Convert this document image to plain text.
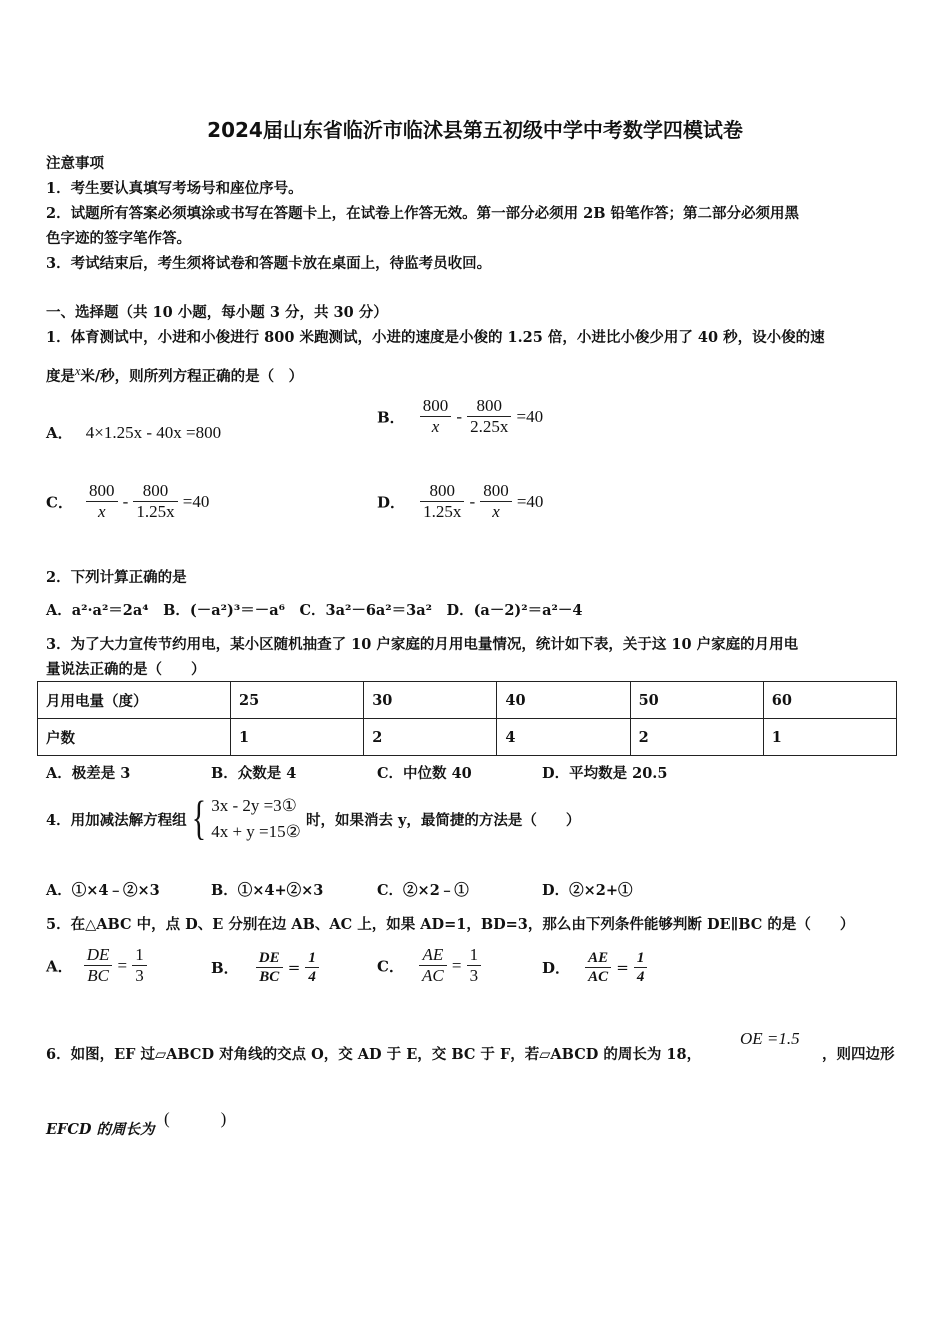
2024届山东省临沂市临沭县第五初级中学中考数学四模试卷
注意事项
1．考生要认真填写考场号和座位序号。
2．试题所有答案必须填涂或书写在答题卡上，在试卷上作答无效。第一部分必须用 2B 铅笔作答；第二部分必须用黑
色字迹的签字笔作答。
3．考试结束后，考生须将试卷和答题卡放在桌面上，待监考员收回。
一、选择题（共 10 小题，每小题 3 分，共 30 分）
1．体育测试中，小进和小俊进行 800 米跑测试，小进的速度是小俊的 1.25 倍，小进比小俊少用了 40 秒，设小俊的速
度是$^x$米/秒，则所列方程正确的是（　）
A． 4×1.25x - 40x =800
B． $\frac{800}{x} - \frac{800}{2.25x} =40$
C． $\frac{800}{x} - \frac{800}{1.25x} =40$	D． $\frac{800}{1.25x} - \frac{800}{x} =40$
2．下列计算正确的是
A．a²·a²＝2a⁴　B．(－a²)³＝－a⁶　C．3a²－6a²＝3a²　D．(a－2)²＝a²－4
3．为了大力宣传节约用电，某小区随机抽查了 10 户家庭的月用电量情况，统计如下表，关于这 10 户家庭的月用电
量说法正确的是（　　）
月用电量（度）	25	30	40	50	60
户数	1	2	4	2	1
A．极差是 3	B．众数是 4	C．中位数 40	D．平均数是 20.5
4．用加减法解方程组 { 3x - 2y =3①
4x + y =15②
时，如果消去 y，最简捷的方法是（　　）
A．①×4﹣②×3	B．①×4+②×3	C．②×2﹣①	D．②×2+①
5．在△ABC 中，点 D、E 分别在边 AB、AC 上，如果 AD=1，BD=3，那么由下列条件能够判断 DE∥BC 的是（　　）
A． $\frac{DE}{BC} = \frac{1}{3}$	B． $\frac{DE}{BC} = \frac{1}{4}$	C． $\frac{AE}{AC} = \frac{1}{3}$	D． $\frac{AE}{AC} = \frac{1}{4}$
6．如图，EF 过▱ABCD 对角线的交点 O，交 AD 于 E，交 BC 于 F，若▱ABCD 的周长为 18，
OE =1.5
，则四边形
EFCD 的周长为
(　　　)
